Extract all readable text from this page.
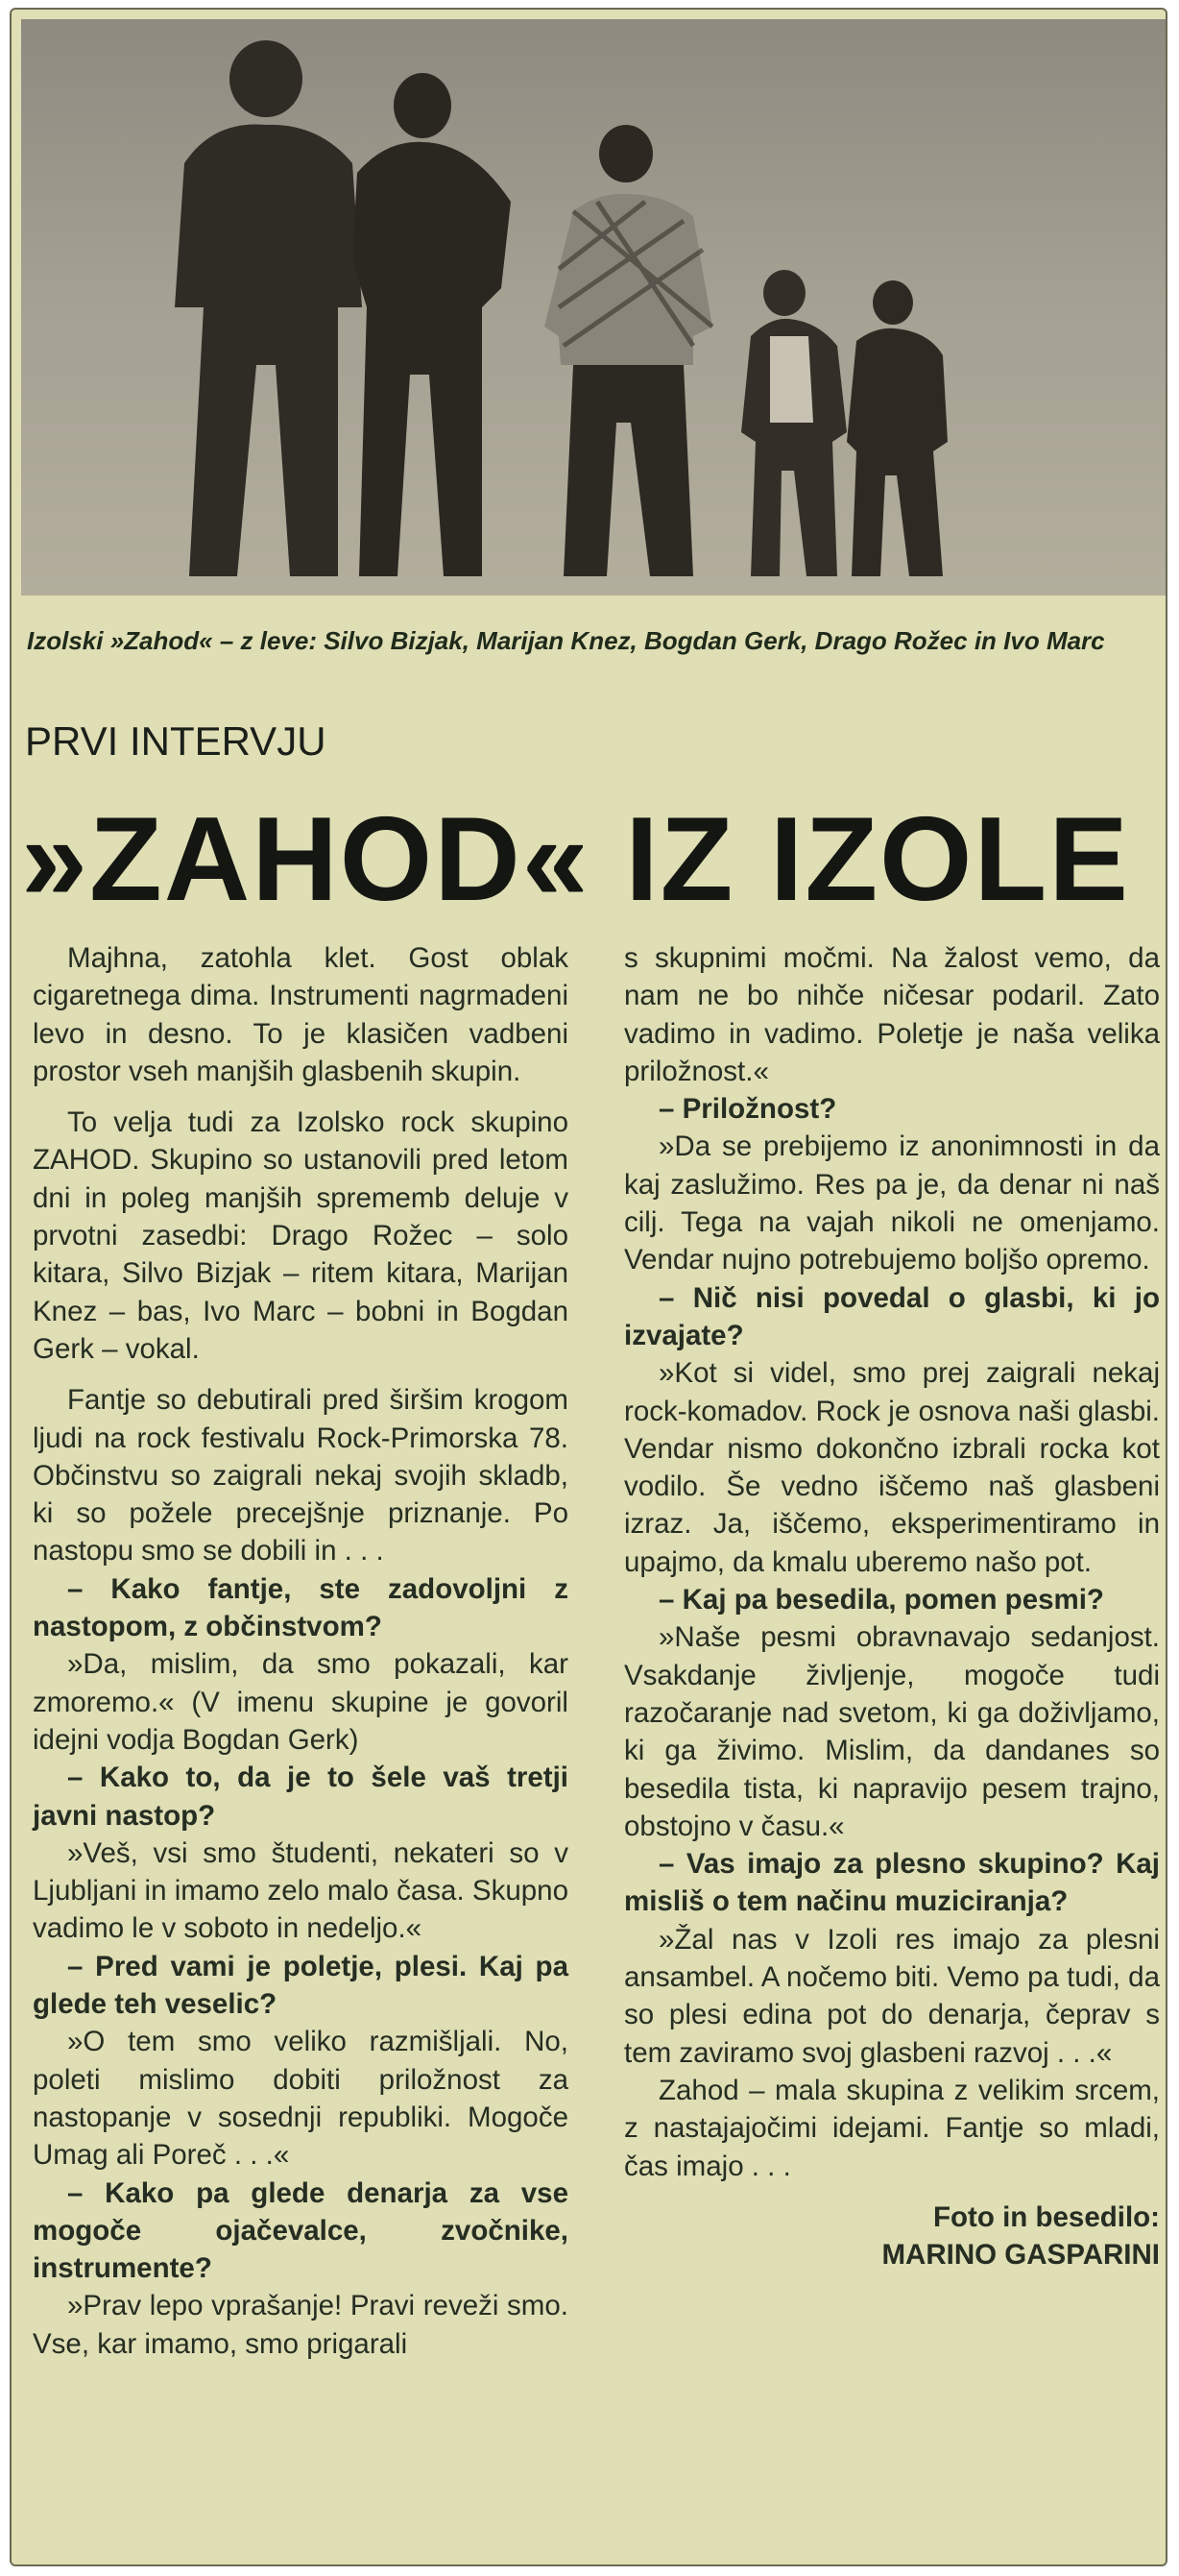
Izolski »Zahod« – z leve: Silvo Bizjak, Marijan Knez, Bogdan Gerk, Drago Rožec in Ivo Marc
PRVI INTERVJU
»ZAHOD« IZ IZOLE

Majhna, zatohla klet. Gost oblak cigaretnega dima. Instrumenti nagrmadeni levo in desno. To je klasičen vadbeni prostor vseh manjših glasbenih skupin.

To velja tudi za Izolsko rock skupino ZAHOD. Skupino so ustanovili pred letom dni in poleg manjših sprememb deluje v prvotni zasedbi: Drago Rožec – solo kitara, Silvo Bizjak – ritem kitara, Marijan Knez – bas, Ivo Marc – bobni in Bogdan Gerk – vokal.

Fantje so debutirali pred širšim krogom ljudi na rock festivalu Rock-Primorska 78. Občinstvu so zaigrali nekaj svojih skladb, ki so požele precejšnje priznanje. Po nastopu smo se dobili in . . .

– Kako fantje, ste zadovoljni z nastopom, z občinstvom?

»Da, mislim, da smo pokazali, kar zmoremo.« (V imenu skupine je govoril idejni vodja Bogdan Gerk)

– Kako to, da je to šele vaš tretji javni nastop?

»Veš, vsi smo študenti, nekateri so v Ljubljani in imamo zelo malo časa. Skupno vadimo le v soboto in nedeljo.«

– Pred vami je poletje, plesi. Kaj pa glede teh veselic?

»O tem smo veliko razmišljali. No, poleti mislimo dobiti priložnost za nastopanje v sosednji republiki. Mogoče Umag ali Poreč . . .«

– Kako pa glede denarja za vse mogoče ojačevalce, zvočnike, instrumente?

»Prav lepo vprašanje! Pravi reveži smo. Vse, kar imamo, smo prigarali

s skupnimi močmi. Na žalost vemo, da nam ne bo nihče ničesar podaril. Zato vadimo in vadimo. Poletje je naša velika priložnost.«

– Priložnost?

»Da se prebijemo iz anonimnosti in da kaj zaslužimo. Res pa je, da denar ni naš cilj. Tega na vajah nikoli ne omenjamo. Vendar nujno potrebujemo boljšo opremo.

– Nič nisi povedal o glasbi, ki jo izvajate?

»Kot si videl, smo prej zaigrali nekaj rock-komadov. Rock je osnova naši glasbi. Vendar nismo dokončno izbrali rocka kot vodilo. Še vedno iščemo naš glasbeni izraz. Ja, iščemo, eksperimentiramo in upajmo, da kmalu uberemo našo pot.

– Kaj pa besedila, pomen pesmi?

»Naše pesmi obravnavajo sedanjost. Vsakdanje življenje, mogoče tudi razočaranje nad svetom, ki ga doživljamo, ki ga živimo. Mislim, da dandanes so besedila tista, ki napravijo pesem trajno, obstojno v času.«

– Vas imajo za plesno skupino? Kaj misliš o tem načinu muziciranja?

»Žal nas v Izoli res imajo za plesni ansambel. A nočemo biti. Vemo pa tudi, da so plesi edina pot do denarja, čeprav s tem zaviramo svoj glasbeni razvoj . . .«

Zahod – mala skupina z velikim srcem, z nastajajočimi idejami. Fantje so mladi, čas imajo . . .

Foto in besedilo:

MARINO GASPARINI
